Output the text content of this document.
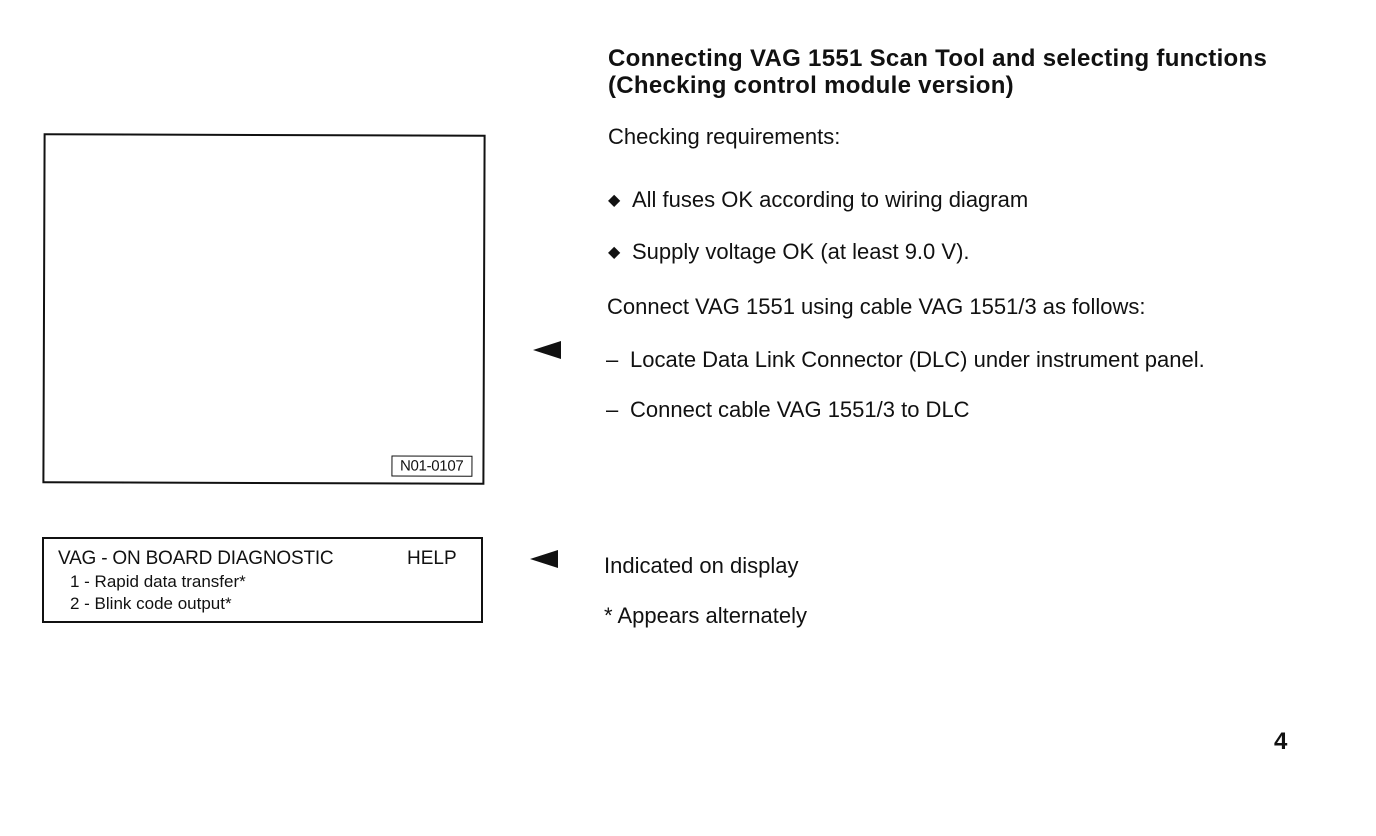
N01-0107
VAG - ON BOARD DIAGNOSTIC	HELP
1 - Rapid data transfer*
2 - Blink code output*
Connecting VAG 1551 Scan Tool and selecting functions (Checking control module version)
Checking requirements:
◆ All fuses OK according to wiring diagram
◆ Supply voltage OK (at least 9.0 V).
Connect VAG 1551 using cable VAG 1551/3 as follows:
– Locate Data Link Connector (DLC) under instrument panel.
– Connect cable VAG 1551/3 to DLC
Indicated on display
* Appears alternately
4
